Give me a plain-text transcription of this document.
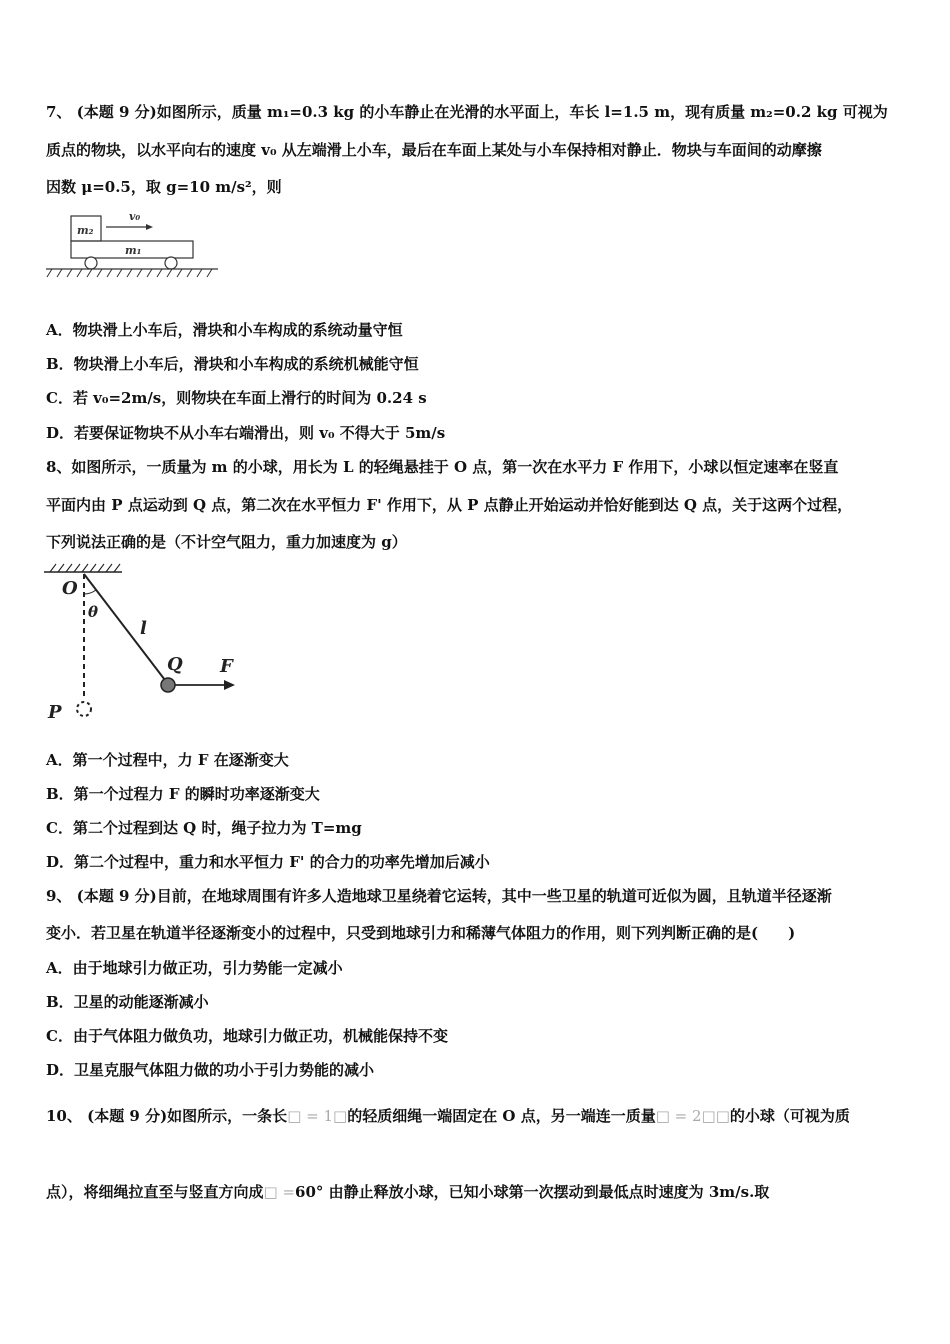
7、 (本题 9 分)如图所示，质量 m₁=0.3 kg 的小车静止在光滑的水平面上，车长 l=1.5 m，现有质量 m₂=0.2 kg 可视为
质点的物块，以水平向右的速度 v₀ 从左端滑上小车，最后在车面上某处与小车保持相对静止．物块与车面间的动摩擦
因数 μ=0.5，取 g=10 m/s²，则
m₂
v₀
m₁
A．物块滑上小车后，滑块和小车构成的系统动量守恒
B．物块滑上小车后，滑块和小车构成的系统机械能守恒
C．若 v₀=2m/s，则物块在车面上滑行的时间为 0.24 s
D．若要保证物块不从小车右端滑出，则 v₀ 不得大于 5m/s
8、如图所示，一质量为 m 的小球，用长为 L 的轻绳悬挂于 O 点，第一次在水平力 F 作用下，小球以恒定速率在竖直
平面内由 P 点运动到 Q 点，第二次在水平恒力 F' 作用下，从 P 点静止开始运动并恰好能到达 Q 点，关于这两个过程，
下列说法正确的是（不计空气阻力，重力加速度为 g）
O
θ
l
Q F
P
A．第一个过程中，力 F 在逐渐变大
B．第一个过程力 F 的瞬时功率逐渐变大
C．第二个过程到达 Q 时，绳子拉力为 T=mg
D．第二个过程中，重力和水平恒力 F' 的合力的功率先增加后减小
9、 (本题 9 分)目前，在地球周围有许多人造地球卫星绕着它运转，其中一些卫星的轨道可近似为圆，且轨道半径逐渐
变小．若卫星在轨道半径逐渐变小的过程中，只受到地球引力和稀薄气体阻力的作用，则下列判断正确的是(　　)
A．由于地球引力做正功，引力势能一定减小
B．卫星的动能逐渐减小
C．由于气体阻力做负功，地球引力做正功，机械能保持不变
D．卫星克服气体阻力做的功小于引力势能的减小
10、 (本题 9 分)如图所示，一条长□ = 1□的轻质细绳一端固定在 O 点，另一端连一质量□ = 2□□的小球（可视为质
点），将细绳拉直至与竖直方向成□ =60° 由静止释放小球，已知小球第一次摆动到最低点时速度为 3m/s.取
